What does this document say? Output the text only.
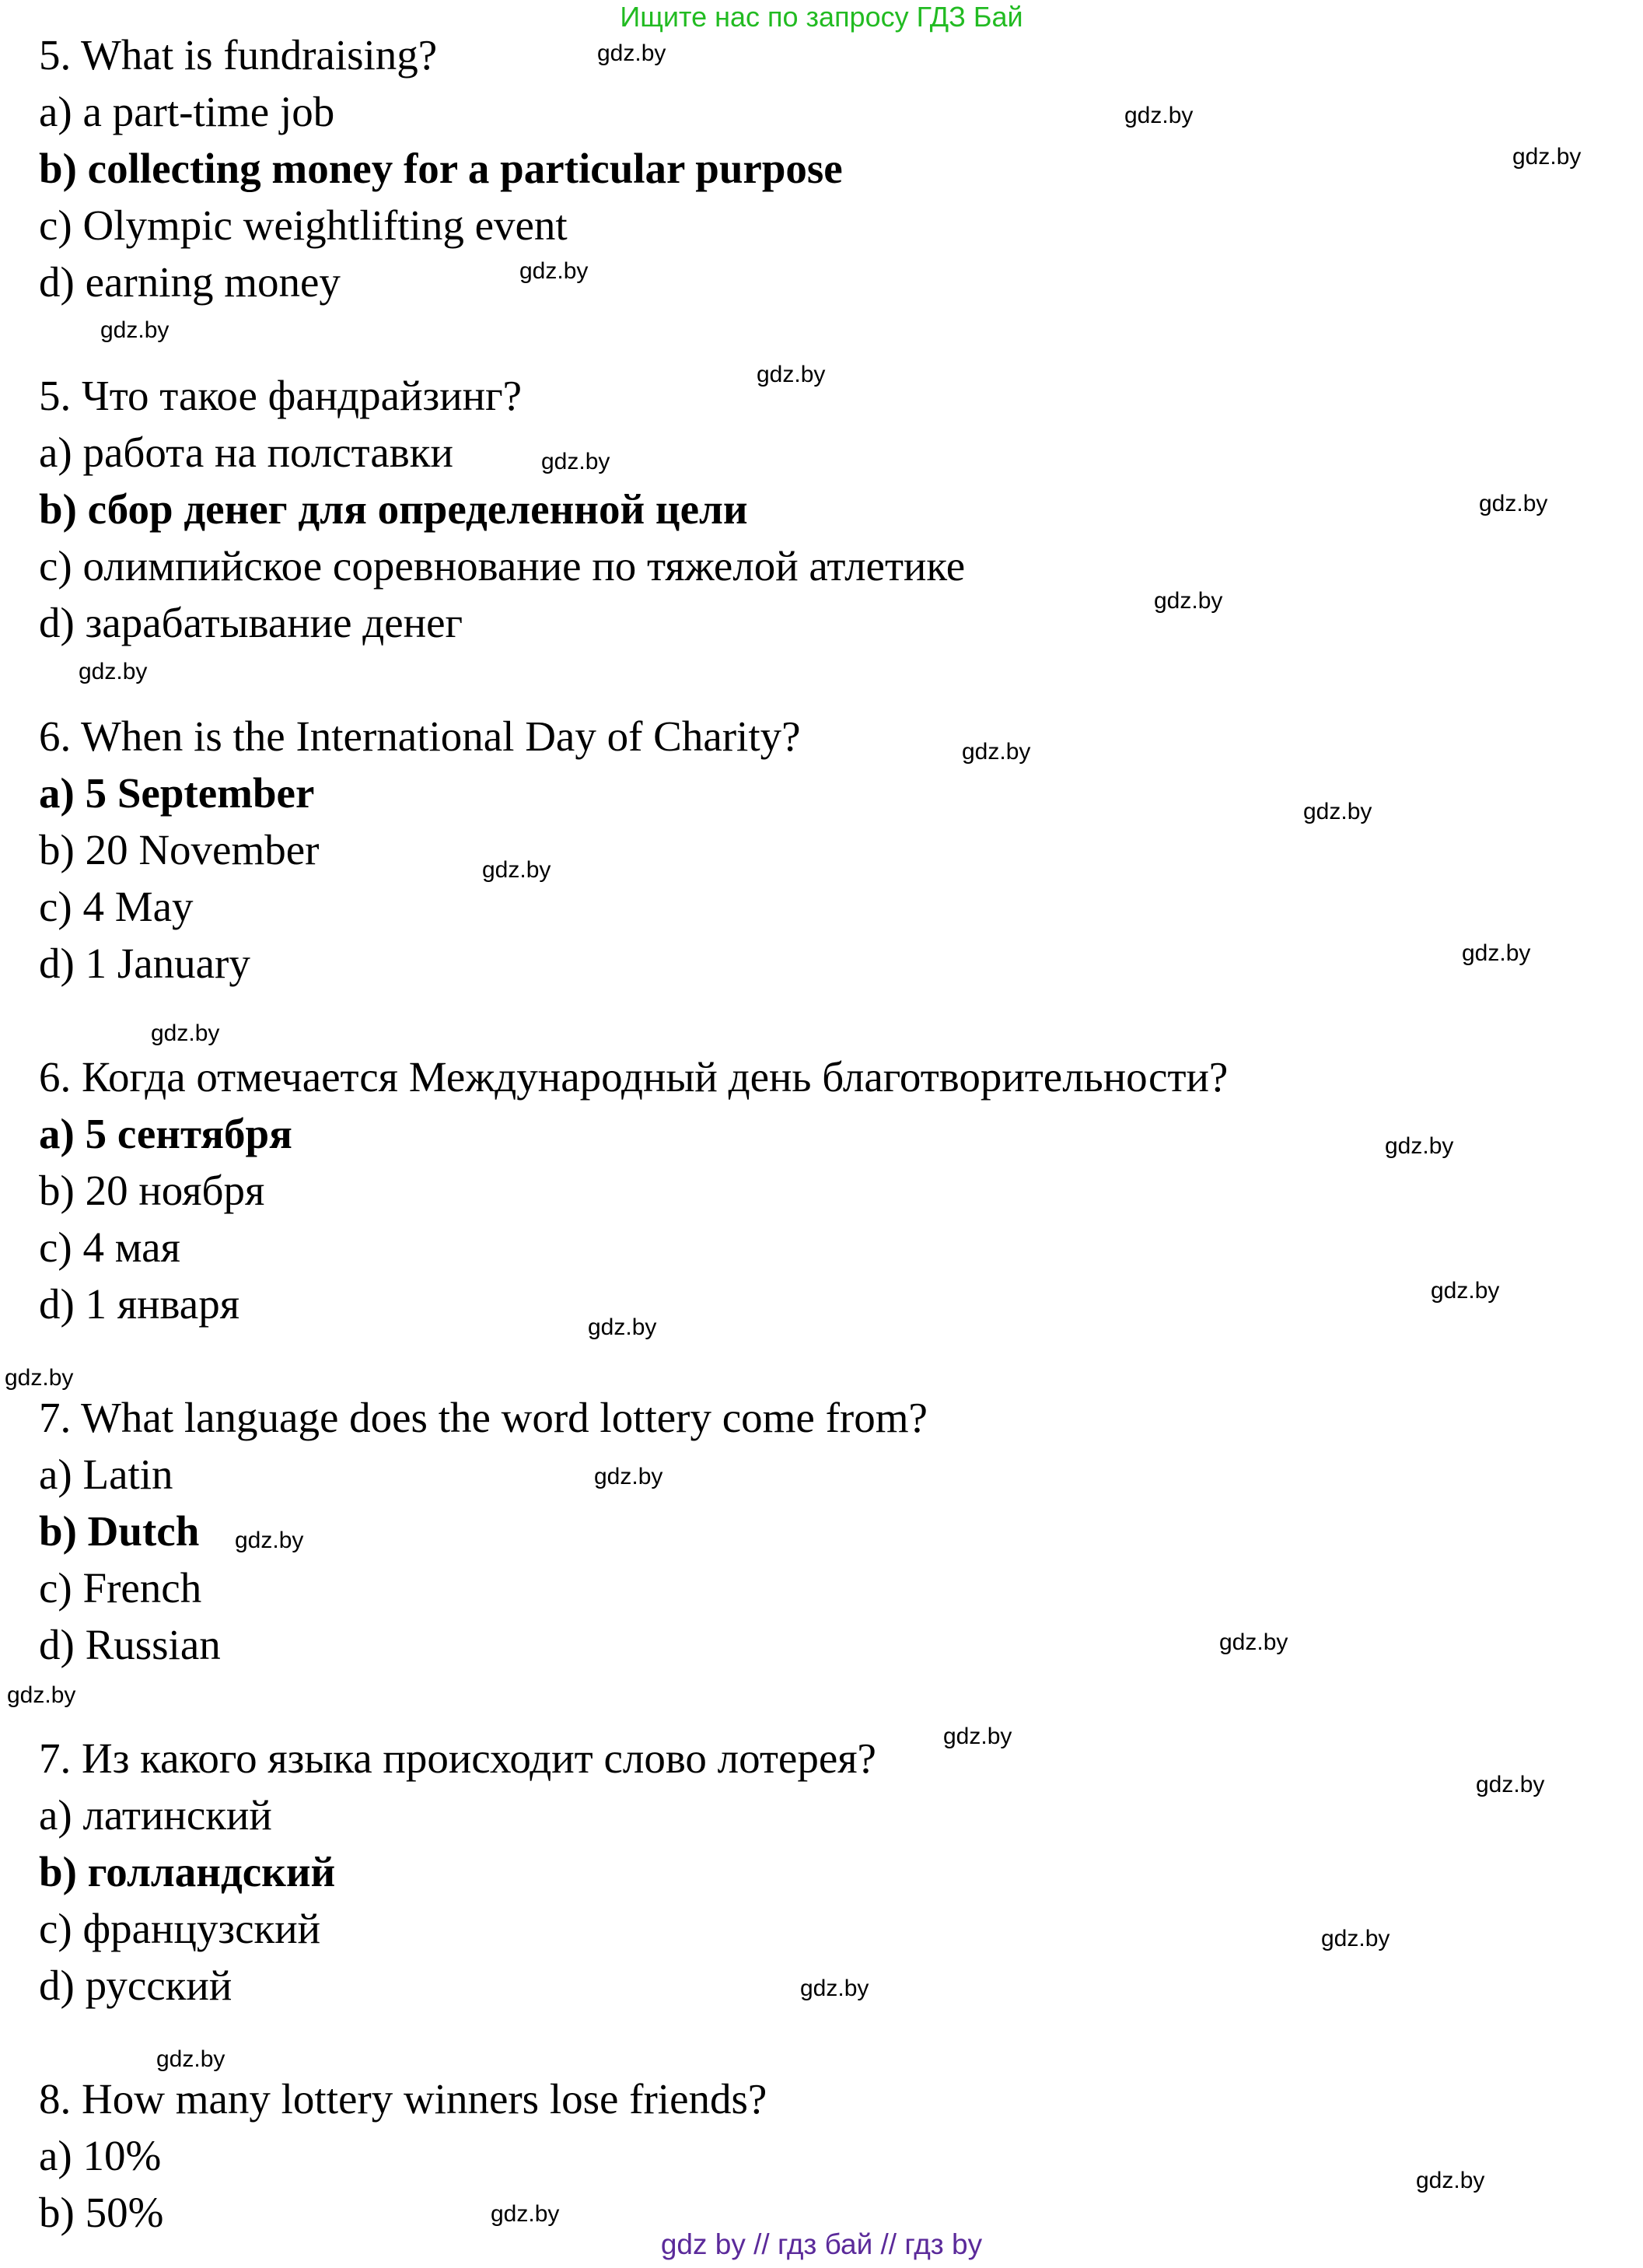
Ищите нас по запросу ГДЗ Бай
5. What is fundraising?
a) a part-time job
b) collecting money for a particular purpose
c) Olympic weightlifting event
d) earning money
5. Что такое фандрайзинг?
a) работа на полставки
b) сбор денег для определенной цели
c) олимпийское соревнование по тяжелой атлетике
d) зарабатывание денег
6. When is the International Day of Charity?
a) 5 September
b) 20 November
c) 4 May
d) 1 January
6. Когда отмечается Международный день благотворительности?
a) 5 сентября
b) 20 ноября
c) 4 мая
d) 1 января
7. What language does the word lottery come from?
a) Latin
b) Dutch
c) French
d) Russian
7. Из какого языка происходит слово лотерея?
a) латинский
b) голландский
c) французский
d) русский
8. How many lottery winners lose friends?
a) 10%
b) 50%
gdz.by
gdz.by
gdz.by
gdz.by
gdz.by
gdz.by
gdz.by
gdz.by
gdz.by
gdz.by
gdz.by
gdz.by
gdz.by
gdz.by
gdz.by
gdz.by
gdz.by
gdz.by
gdz.by
gdz.by
gdz.by
gdz.by
gdz.by
gdz.by
gdz.by
gdz.by
gdz.by
gdz.by
gdz.by
gdz.by
gdz by // гдз бай // гдз by
